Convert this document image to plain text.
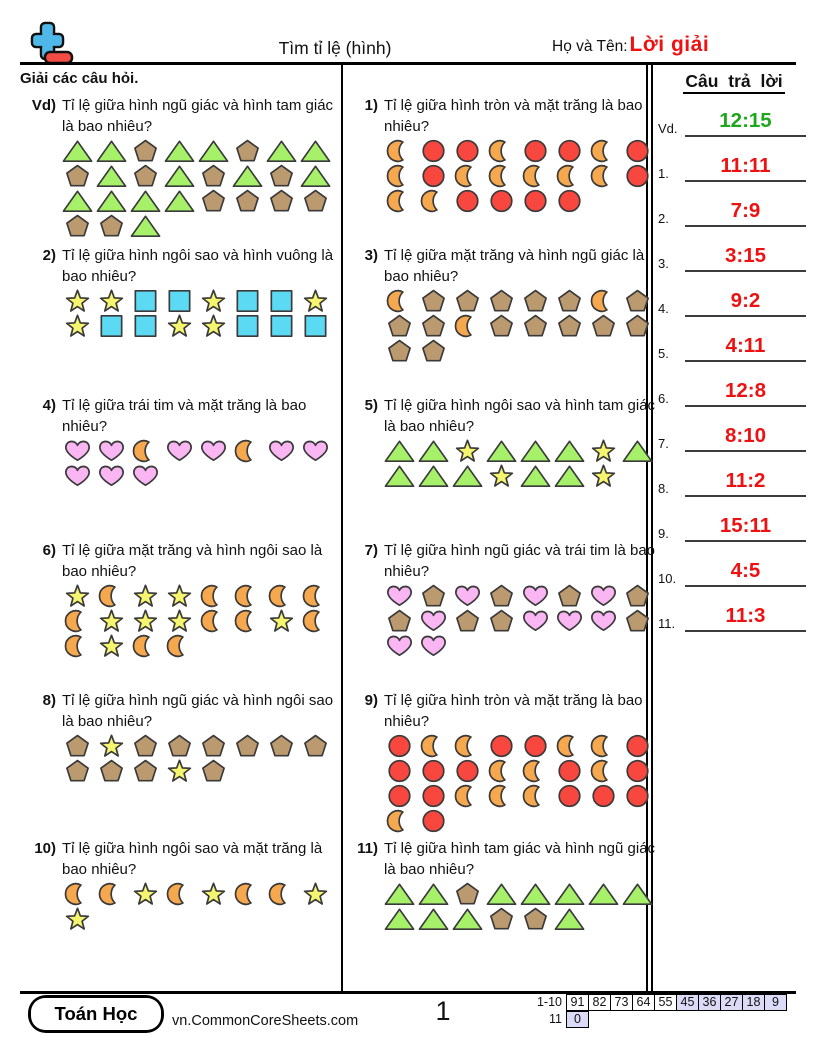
Tìm tỉ lệ (hình)	Họ và Tên: Lời giải
Giải các câu hỏi.
Vd) Tỉ lệ giữa hình ngũ giác và hình tam giác là bao nhiêu?
1) Tỉ lệ giữa hình tròn và mặt trăng là bao nhiêu?
2) Tỉ lệ giữa hình ngôi sao và hình vuông là bao nhiêu?
3) Tỉ lệ giữa mặt trăng và hình ngũ giác là bao nhiêu?
4) Tỉ lệ giữa trái tim và mặt trăng là bao nhiêu?
5) Tỉ lệ giữa hình ngôi sao và hình tam giác là bao nhiêu?
6) Tỉ lệ giữa mặt trăng và hình ngôi sao là bao nhiêu?
7) Tỉ lệ giữa hình ngũ giác và trái tim là bao nhiêu?
8) Tỉ lệ giữa hình ngũ giác và hình ngôi sao là bao nhiêu?
9) Tỉ lệ giữa hình tròn và mặt trăng là bao nhiêu?
10) Tỉ lệ giữa hình ngôi sao và mặt trăng là bao nhiêu?
11) Tỉ lệ giữa hình tam giác và hình ngũ giác là bao nhiêu?
Câu trả lời
Vd.	12:15
1.	11:11
2.	7:9
3.	3:15
4.	9:2
5.	4:11
6.	12:8
7.	8:10
8.	11:2
9.	15:11
10.	4:5
11.	11:3
Toán Học	vn.CommonCoreSheets.com	1	1-10 91 82 73 64 55 45 36 27 18 9
11 0
